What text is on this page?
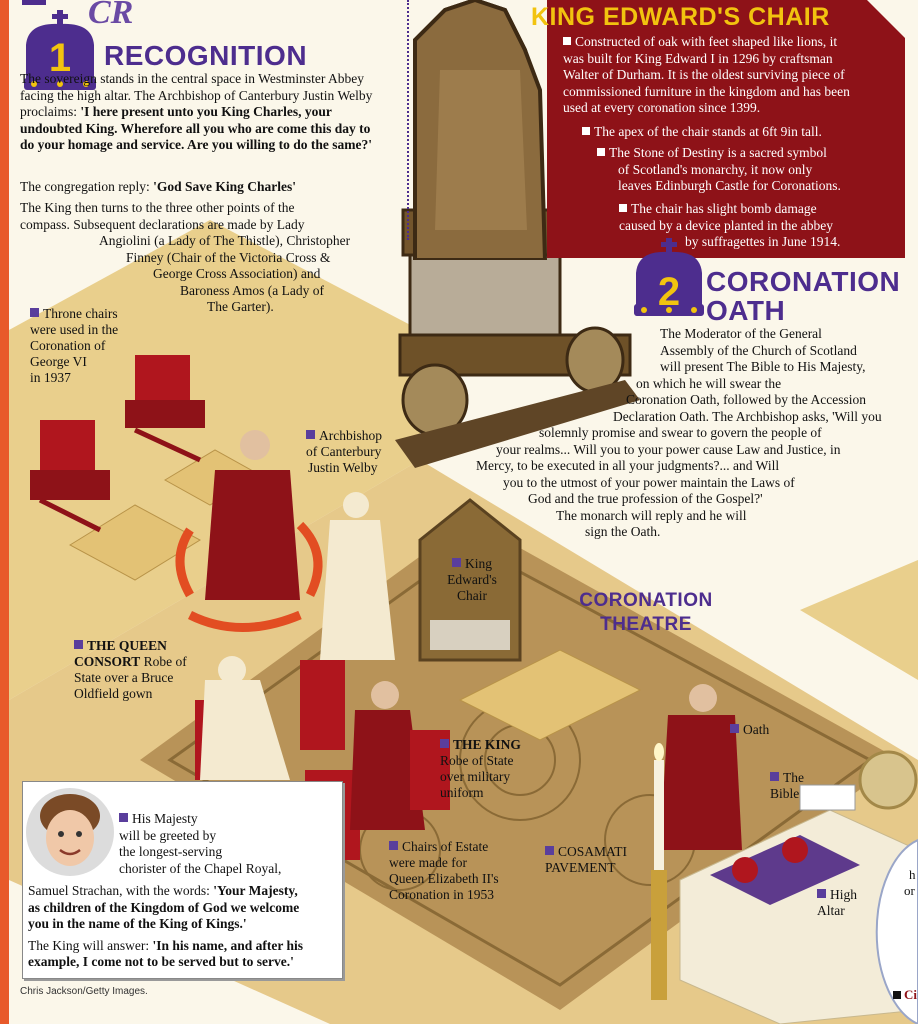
KING EDWARD'S CHAIR
Constructed of oak with feet shaped like lions, it
was built for King Edward I in 1296 by craftsman
Walter of Durham. It is the oldest surviving piece of
commissioned furniture in the kingdom and has been
used at every coronation since 1399.
The apex of the chair stands at 6ft 9in tall.
The Stone of Destiny is a sacred symbol
of Scotland's monarchy, it now only
leaves Edinburgh Castle for Coronations.
The chair has slight bomb damage
caused by a device planted in the abbey
by suffragettes in June 1914.
CR
1	RECOGNITION
The sovereign stands in the central space in Westminster Abbey facing the high altar. The Archbishop of Canterbury Justin Welby proclaims: 'I here present unto you King Charles, your undoubted King. Wherefore all you who are come this day to do your homage and service. Are you willing to do the same?'
The congregation reply: 'God Save King Charles'
The King then turns to the three other points of the
compass. Subsequent declarations are made by Lady
Angiolini (a Lady of The Thistle), Christopher
Finney (Chair of the Victoria Cross &
George Cross Association) and
Baroness Amos (a Lady of
The Garter).	2 CORONATION
OATH
The Moderator of the General
Assembly of the Church of Scotland
will present The Bible to His Majesty,
on which he will swear the
Coronation Oath, followed by the Accession
Declaration Oath. The Archbishop asks, 'Will you
solemnly promise and swear to govern the people of
your realms... Will you to your power cause Law and Justice, in
Mercy, to be executed in all your judgments?... and Will
you to the utmost of your power maintain the Laws of
God and the true profession of the Gospel?'
The monarch will reply and he will
sign the Oath.
Throne chairs
were used in the
Coronation of
George VI
in 1937
Archbishop
of Canterbury
Justin Welby
King
Edward's
Chair	CORONATION
THEATRE
THE QUEEN
CONSORT Robe of
State over a Bruce
Oldfield gown
THE KING
Robe of State
over military
uniform
Chairs of Estate
were made for
Queen Elizabeth II's
Coronation in 1953
COSAMATI
PAVEMENT
Oath
The
Bible
High
Altar
His Majesty
will be greeted by
the longest-serving
chorister of the Chapel Royal,
Samuel Strachan, with the words: 'Your Majesty,
as children of the Kingdom of God we welcome
you in the name of the King of Kings.'
The King will answer: 'In his name, and after his
example, I come not to be served but to serve.'
Chris Jackson/Getty Images.
h
or
Ci
